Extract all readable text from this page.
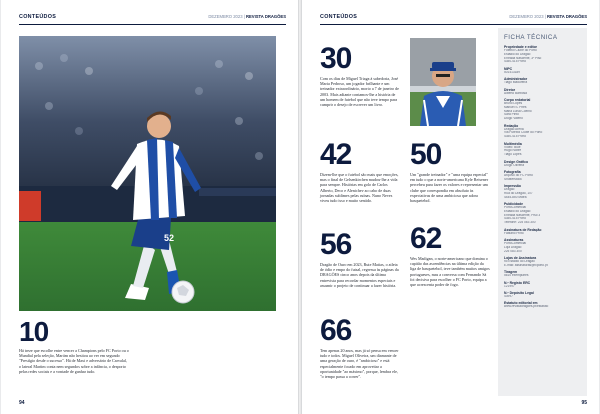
CONTEÚDOS	DEZEMBRO 2023 | REVISTA DRAGÕES
52
10
Há treze que escolhe entre vencer a Champions pelo FC Porto ou o Mundial pela seleção, Martim não hesitou ao ver em segundo "Prestígio desde o sucesso". Há de Maxi e adversário de Carvalal, o lateral Martim conta nem segundos sobre a infância, o desporto pelas redes sociais e a vontade de ganhar tudo.
94
CONTEÚDOS	DEZEMBRO 2023 | REVISTA DRAGÕES
30
Com os dias de Miguel Triaga à sabedoria, José Maria Pedroso, um jogador brilhante e um treinador extraordinário, morto a 7 de janeiro de 2003. Mais adiante contamos-lhe a história de um homem de futebol que não teve tempo para cumprir o desejo de escrever um livro.
42
Dizem-lhe que o futebol são mais que emoções, mas o final de Gelsenkirchen mudou-lhe a vida para sempre. Histórias em golo de Carlos Alberto, Deco e Alenichev ao cabo de duas jornadas sublimes pelas ruínas. Nuno Neves viveu tudo isso e muito sentido.
50
Um "grande treinador" e "uma equipa especial" em tudo o que a norte-americana Kyle Reisener percebeu para fazer os valores e representar um clube que correspondia em absoluto às expectativas de uma ambiciosa que adora basquetebol.
56
Dragão de Ouro em 2023, Rute Matias, o atleta de ódio e empo do futsal, regressa às páginas da DRAGÕES cinco anos depois da última entrevista para recordar momentos especiais e assumir o projeto de continuar a fazer história.
62
Wes Madigan, o norte-americano que domina o capitão das ascendências na última edição da liga de basquetebol, teve também muitos amigos portugueses, mas a conversa com Fernando Sá foi decisiva para escolher o FC Porto, equipa a que acrescenta poder de fogo.
66
Tem apenas 20 anos, mas já só pensa em vencer tudo e todos. Miguel Oliveira, um diamante de uma geração de ouro, é "ambicioso" e está especialmente focado em aproveitar a oportunidade "ao máximo", porque, lembra ele, "o tempo passa a correr".
FICHA TÉCNICA
Propriedade e editor
Futebol Clube do Porto
Estádio do Dragão
Entrada Nascente, 3º Piso
4350-415 Porto
NIPC
501413189
Administrador
Tiago Madureira
Diretor
Alberto Barbosa
Corpo redatorial
Bruno Lopes
Manuel S. Pires
Maria Luísa Coelho
Sara Pinto
Diogo Valério
Redação
Dragão Arena
Via Futebol Clube do Porto
4350-415 Porto
Multimédia
Vídeo: Blue
Hugo Nobre
Tiago Lopes
Design Gráfico
Diogo Oliveira
Fotografia
Arquivo do FC Porto
Shutterstock
Impressão
Dragão
Rua do Dragão, 107
4445-850 Mafra
Publicidade
PortoComercial
Estádio do Dragão
Entrada Nascente, Piso 3
4350-415 Porto
Telefone: 225 083 300
Assinatura de Redação
Fabiano Pinto
Assinaturas
PortoComercial
Loja Dragão
225 083 300
Lojas de Assinatura
no Estádio do Dragão
E-mail: assinaturas@fcporto.pt
Tiragem
5610 exemplares
N.º Registo ERC
121997
N.º Depósito Legal
43997
Estatuto editorial em
www.revistadragoes.pt/estatuto
95
